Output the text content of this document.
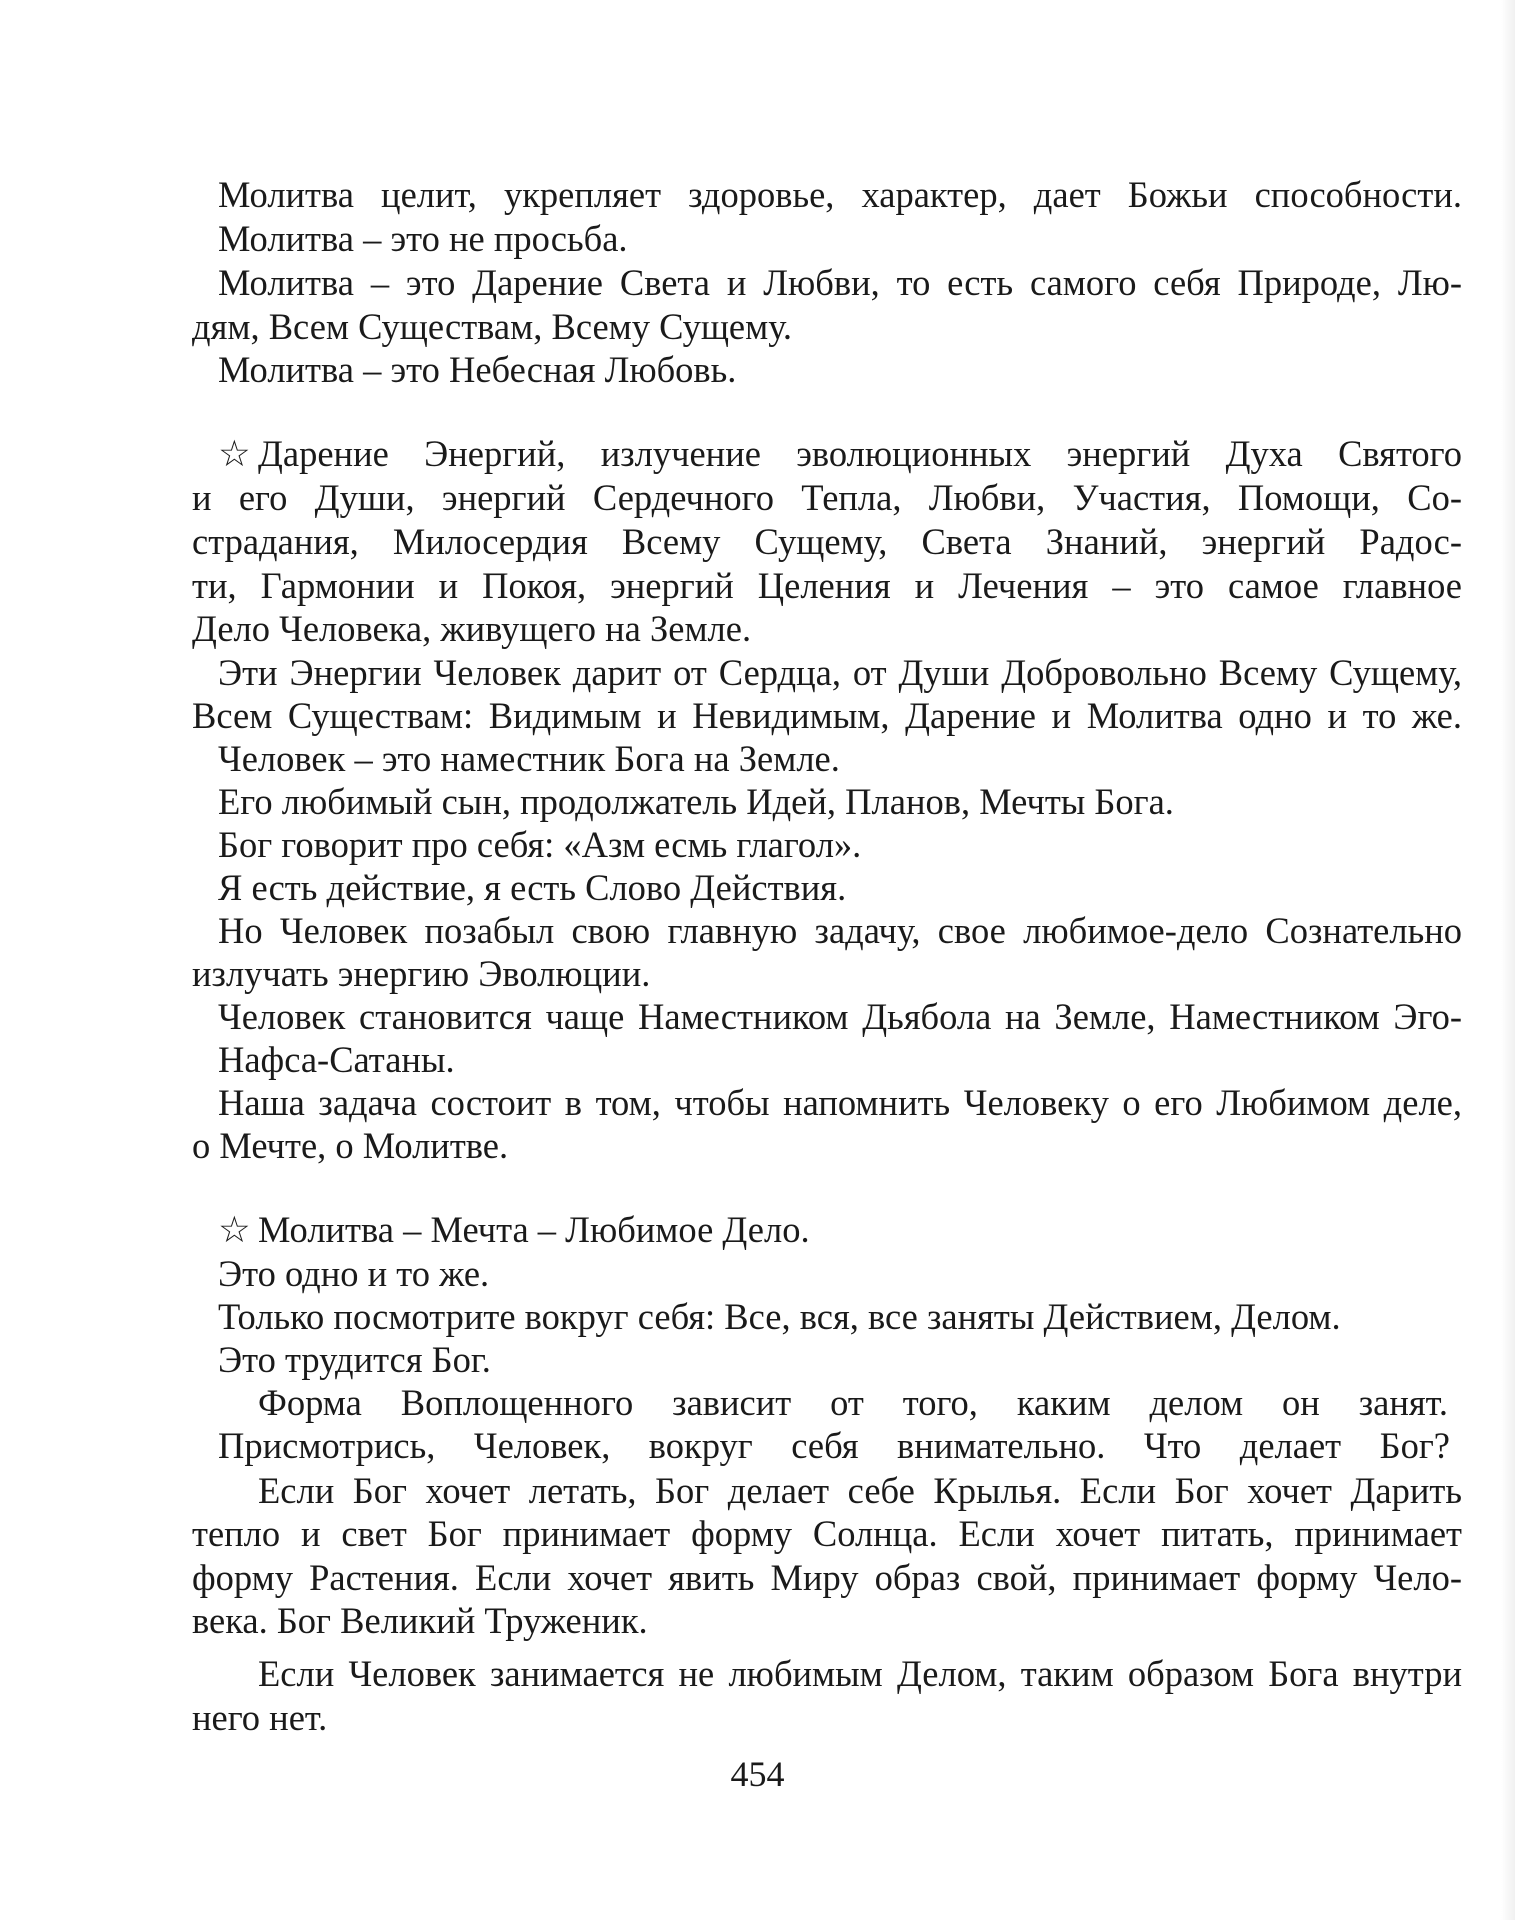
Молитва целит, укрепляет здоровье, характер, дает Божьи способности.
Молитва – это не просьба.
Молитва – это Дарение Света и Любви, то есть самого себя Природе, Лю-
дям, Всем Существам, Всему Сущему.
Молитва – это Небесная Любовь.
☆ Дарение Энергий, излучение эволюционных энергий Духа Святого
и его Души, энергий Сердечного Тепла, Любви, Участия, Помощи, Со-
страдания, Милосердия Всему Сущему, Света Знаний, энергий Радос-
ти, Гармонии и Покоя, энергий Целения и Лечения – это самое главное
Дело Человека, живущего на Земле.
Эти Энергии Человек дарит от Сердца, от Души Добровольно Всему Сущему,
Всем Существам: Видимым и Невидимым, Дарение и Молитва одно и то же.
Человек – это наместник Бога на Земле.
Его любимый сын, продолжатель Идей, Планов, Мечты Бога.
Бог говорит про себя: «Азм есмь глагол».
Я есть действие, я есть Слово Действия.
Но Человек позабыл свою главную задачу, свое любимое-дело Сознательно
излучать энергию Эволюции.
Человек становится чаще Наместником Дьябола на Земле, Наместником Эго-
Нафса-Сатаны.
Наша задача состоит в том, чтобы напомнить Человеку о его Любимом деле,
о Мечте, о Молитве.
☆ Молитва – Мечта – Любимое Дело.
Это одно и то же.
Только посмотрите вокруг себя: Все, вся, все заняты Действием, Делом.
Это трудится Бог.
Форма Воплощенного зависит от того, каким делом он занят.
Присмотрись, Человек, вокруг себя внимательно. Что делает Бог?
Если Бог хочет летать, Бог делает себе Крылья. Если Бог хочет Дарить
тепло и свет Бог принимает форму Солнца. Если хочет питать, принимает
форму Растения. Если хочет явить Миру образ свой, принимает форму Чело-
века. Бог Великий Труженик.
Если Человек занимается не любимым Делом, таким образом Бога внутри
него нет.
454
